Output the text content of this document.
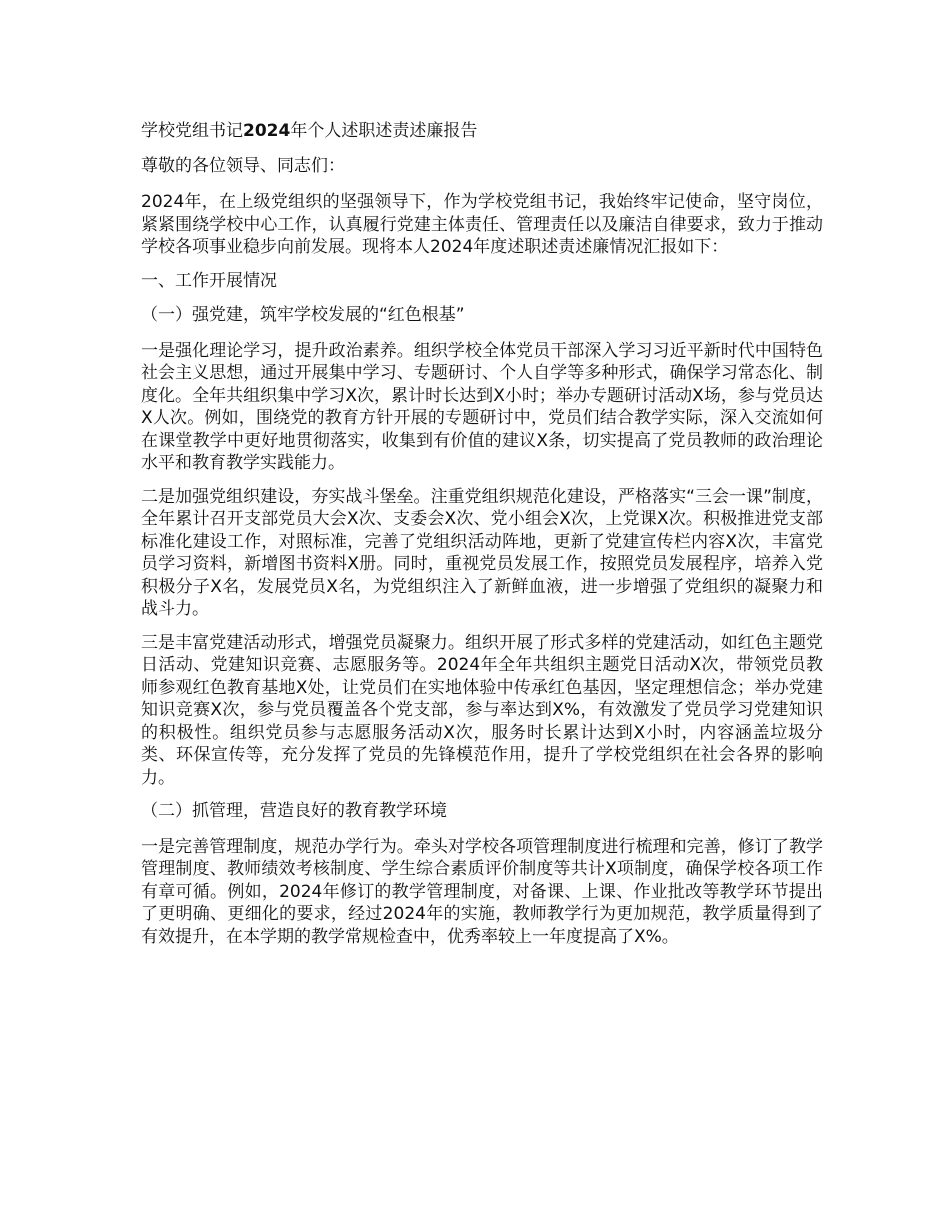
学校党组书记2024年个人述职述责述廉报告

尊敬的各位领导、同志们：

2024年，在上级党组织的坚强领导下，作为学校党组书记，我始终牢记使命，坚守岗位，紧紧围绕学校中心工作，认真履行党建主体责任、管理责任以及廉洁自律要求，致力于推动学校各项事业稳步向前发展。现将本人2024年度述职述责述廉情况汇报如下：

一、工作开展情况

（一）强党建，筑牢学校发展的“红色根基”

一是强化理论学习，提升政治素养。组织学校全体党员干部深入学习习近平新时代中国特色社会主义思想，通过开展集中学习、专题研讨、个人自学等多种形式，确保学习常态化、制度化。全年共组织集中学习X次，累计时长达到X小时；举办专题研讨活动X场，参与党员达X人次。例如，围绕党的教育方针开展的专题研讨中，党员们结合教学实际，深入交流如何在课堂教学中更好地贯彻落实，收集到有价值的建议X条，切实提高了党员教师的政治理论水平和教育教学实践能力。

二是加强党组织建设，夯实战斗堡垒。注重党组织规范化建设，严格落实“三会一课”制度，全年累计召开支部党员大会X次、支委会X次、党小组会X次，上党课X次。积极推进党支部标准化建设工作，对照标准，完善了党组织活动阵地，更新了党建宣传栏内容X次，丰富党员学习资料，新增图书资料X册。同时，重视党员发展工作，按照党员发展程序，培养入党积极分子X名，发展党员X名，为党组织注入了新鲜血液，进一步增强了党组织的凝聚力和战斗力。

三是丰富党建活动形式，增强党员凝聚力。组织开展了形式多样的党建活动，如红色主题党日活动、党建知识竞赛、志愿服务等。2024年全年共组织主题党日活动X次，带领党员教师参观红色教育基地X处，让党员们在实地体验中传承红色基因，坚定理想信念；举办党建知识竞赛X次，参与党员覆盖各个党支部，参与率达到X%，有效激发了党员学习党建知识的积极性。组织党员参与志愿服务活动X次，服务时长累计达到X小时，内容涵盖垃圾分类、环保宣传等，充分发挥了党员的先锋模范作用，提升了学校党组织在社会各界的影响力。

（二）抓管理，营造良好的教育教学环境

一是完善管理制度，规范办学行为。牵头对学校各项管理制度进行梳理和完善，修订了教学管理制度、教师绩效考核制度、学生综合素质评价制度等共计X项制度，确保学校各项工作有章可循。例如，2024年修订的教学管理制度，对备课、上课、作业批改等教学环节提出了更明确、更细化的要求，经过2024年的实施，教师教学行为更加规范，教学质量得到了有效提升，在本学期的教学常规检查中，优秀率较上一年度提高了X%。
